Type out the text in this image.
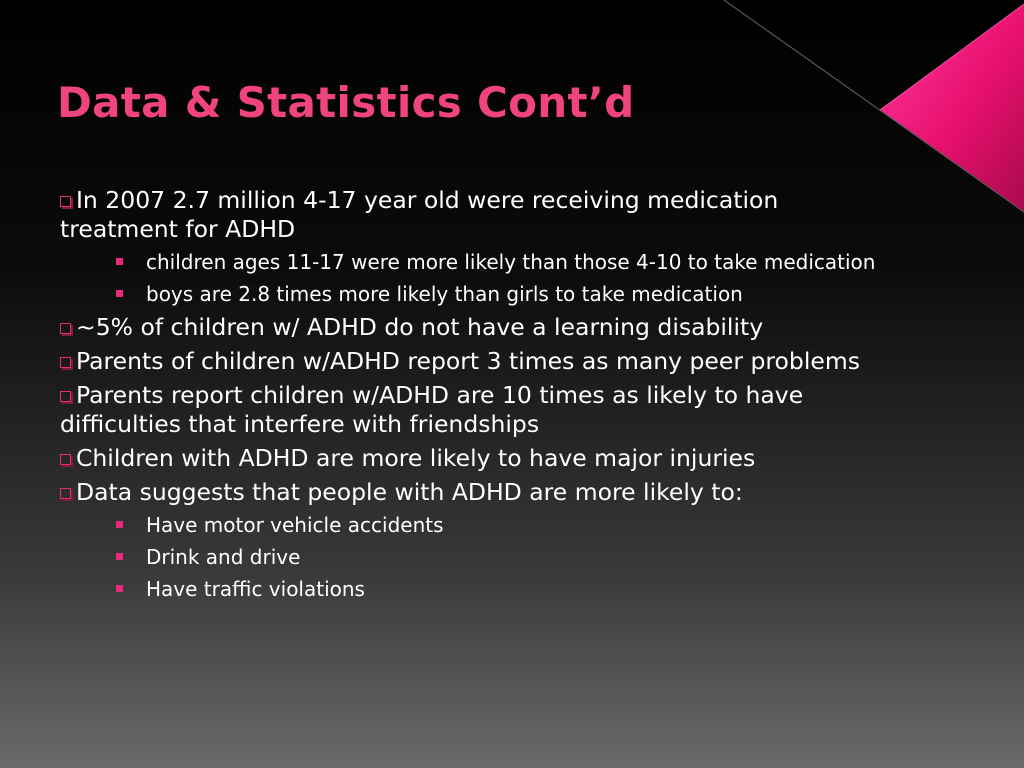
Data & Statistics Cont’d
In 2007 2.7 million 4-17 year old were receiving medication treatment for ADHD
children ages 11-17 were more likely than those 4-10 to take medication
boys are 2.8 times more likely than girls to take medication
~5% of children w/ ADHD do not have a learning disability
Parents of children w/ADHD report 3 times as many peer problems
Parents report children w/ADHD are 10 times as likely to have difficulties that interfere with friendships
Children with ADHD are more likely to have major injuries
Data suggests that people with ADHD are more likely to:
Have motor vehicle accidents
Drink and drive
Have traffic violations
